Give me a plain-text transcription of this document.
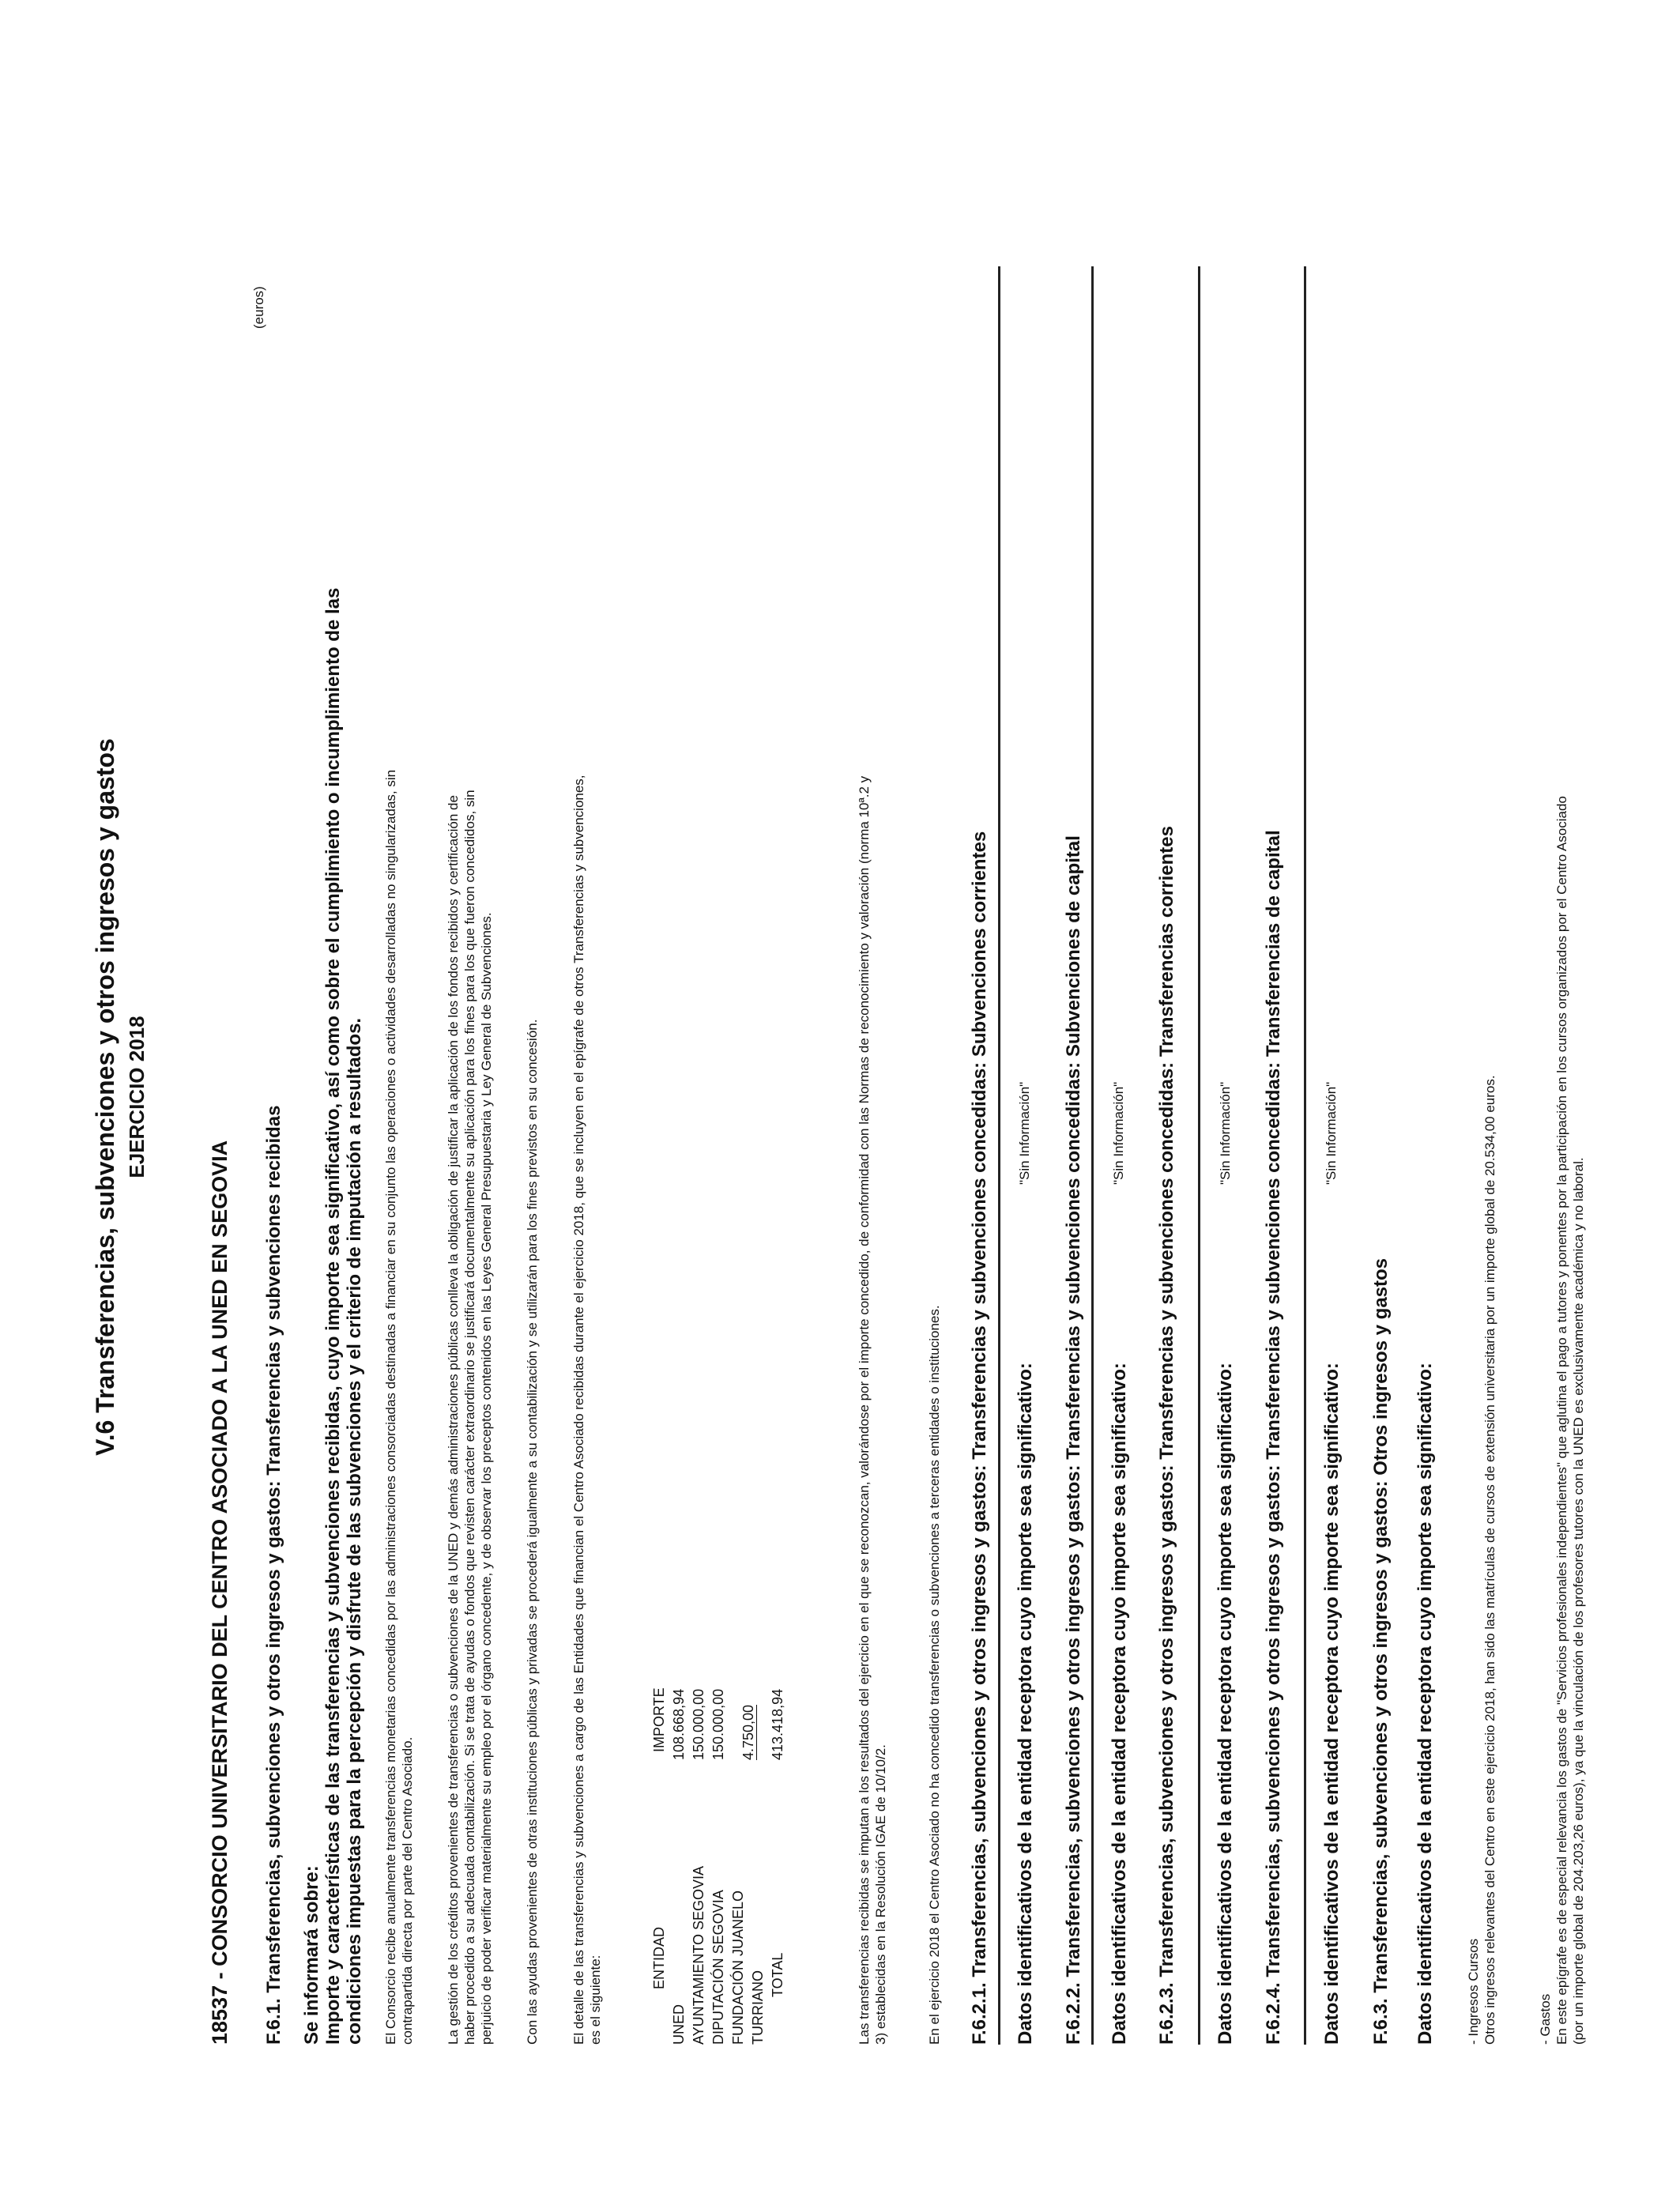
V.6 Transferencias, subvenciones y otros ingresos y gastos EJERCICIO 2018
18537 - CONSORCIO UNIVERSITARIO DEL CENTRO ASOCIADO A LA UNED EN SEGOVIA
(euros)
F.6.1. Transferencias, subvenciones y otros ingresos y gastos: Transferencias y subvenciones recibidas Se informará sobre: Importe y características de las transferencias y subvenciones recibidas, cuyo importe sea significativo, así como sobre el cumplimiento o incumplimiento de las condiciones impuestas para la percepción y disfrute de las subvenciones y el criterio de imputación a resultados. El Consorcio recibe anualmente transferencias monetarias concedidas por las administraciones consorciadas destinadas a financiar en su conjunto las operaciones o actividades desarrolladas no singularizadas, sin contrapartida directa por parte del Centro Asociado. La gestión de los créditos provenientes de transferencias o subvenciones de la UNED y demás administraciones públicas conlleva la obligación de justificar la aplicación de los fondos recibidos y certificación de haber procedido a su adecuada contabilización. Si se trata de ayudas o fondos que revisten carácter extraordinario se justificará documentalmente su aplicación para los fines para los que fueron concedidos, sin perjuicio de poder verificar materialmente su empleo por el órgano concedente, y de observar los preceptos contenidos en las Leyes General Presupuestaria y Ley General de Subvenciones. Con las ayudas provenientes de otras instituciones públicas y privadas se procederá igualmente a su contabilización y se utilizarán para los fines previstos en su concesión. El detalle de las transferencias y subvenciones a cargo de las Entidades que financian el Centro Asociado recibidas durante el ejercicio 2018, que se incluyen en el epígrafe de otros Transferencias y subvenciones, es el siguiente:	ENTIDAD	IMPORTE
UNED	108.668,94
AYUNTAMIENTO SEGOVIA	150.000,00
DIPUTACIÓN SEGOVIA	150.000,00
FUNDACIÓN JUANELO TURRIANO	4.750,00
TOTAL	413.418,94	Las transferencias recibidas se imputan a los resultados del ejercicio en el que se reconozcan, valorándose por el importe concedido, de conformidad con las Normas de reconocimiento y valoración (norma 10ª.2 y 3) establecidas en la Resolución IGAE de 10/10/2.	En el ejercicio 2018 el Centro Asociado no ha concedido transferencias o subvenciones a terceras entidades o instituciones. F.6.2.1. Transferencias, subvenciones y otros ingresos y gastos: Transferencias y subvenciones concedidas: Subvenciones corrientes Datos identificativos de la entidad receptora cuyo importe sea significativo:
"Sin Información" F.6.2.2. Transferencias, subvenciones y otros ingresos y gastos: Transferencias y subvenciones concedidas: Subvenciones de capital Datos identificativos de la entidad receptora cuyo importe sea significativo:
"Sin Información" F.6.2.3. Transferencias, subvenciones y otros ingresos y gastos: Transferencias y subvenciones concedidas: Transferencias corrientes Datos identificativos de la entidad receptora cuyo importe sea significativo:
"Sin Información" F.6.2.4. Transferencias, subvenciones y otros ingresos y gastos: Transferencias y subvenciones concedidas: Transferencias de capital Datos identificativos de la entidad receptora cuyo importe sea significativo:
"Sin Información"
F.6.3. Transferencias, subvenciones y otros ingresos y gastos: Otros ingresos y gastos Datos identificativos de la entidad receptora cuyo importe sea significativo: - Ingresos Cursos Otros ingresos relevantes del Centro en este ejercicio 2018, han sido las matrículas de cursos de extensión universitaria por un importe global de 20.534,00 euros.	- Gastos En este epígrafe es de especial relevancia los gastos de "Servicios profesionales independientes" que aglutina el pago a tutores y ponentes por la participación en los cursos organizados por el Centro Asociado (por un importe global de 204.203,26 euros), ya que la vinculación de los profesores tutores con la UNED es exclusivamente académica y no laboral.
